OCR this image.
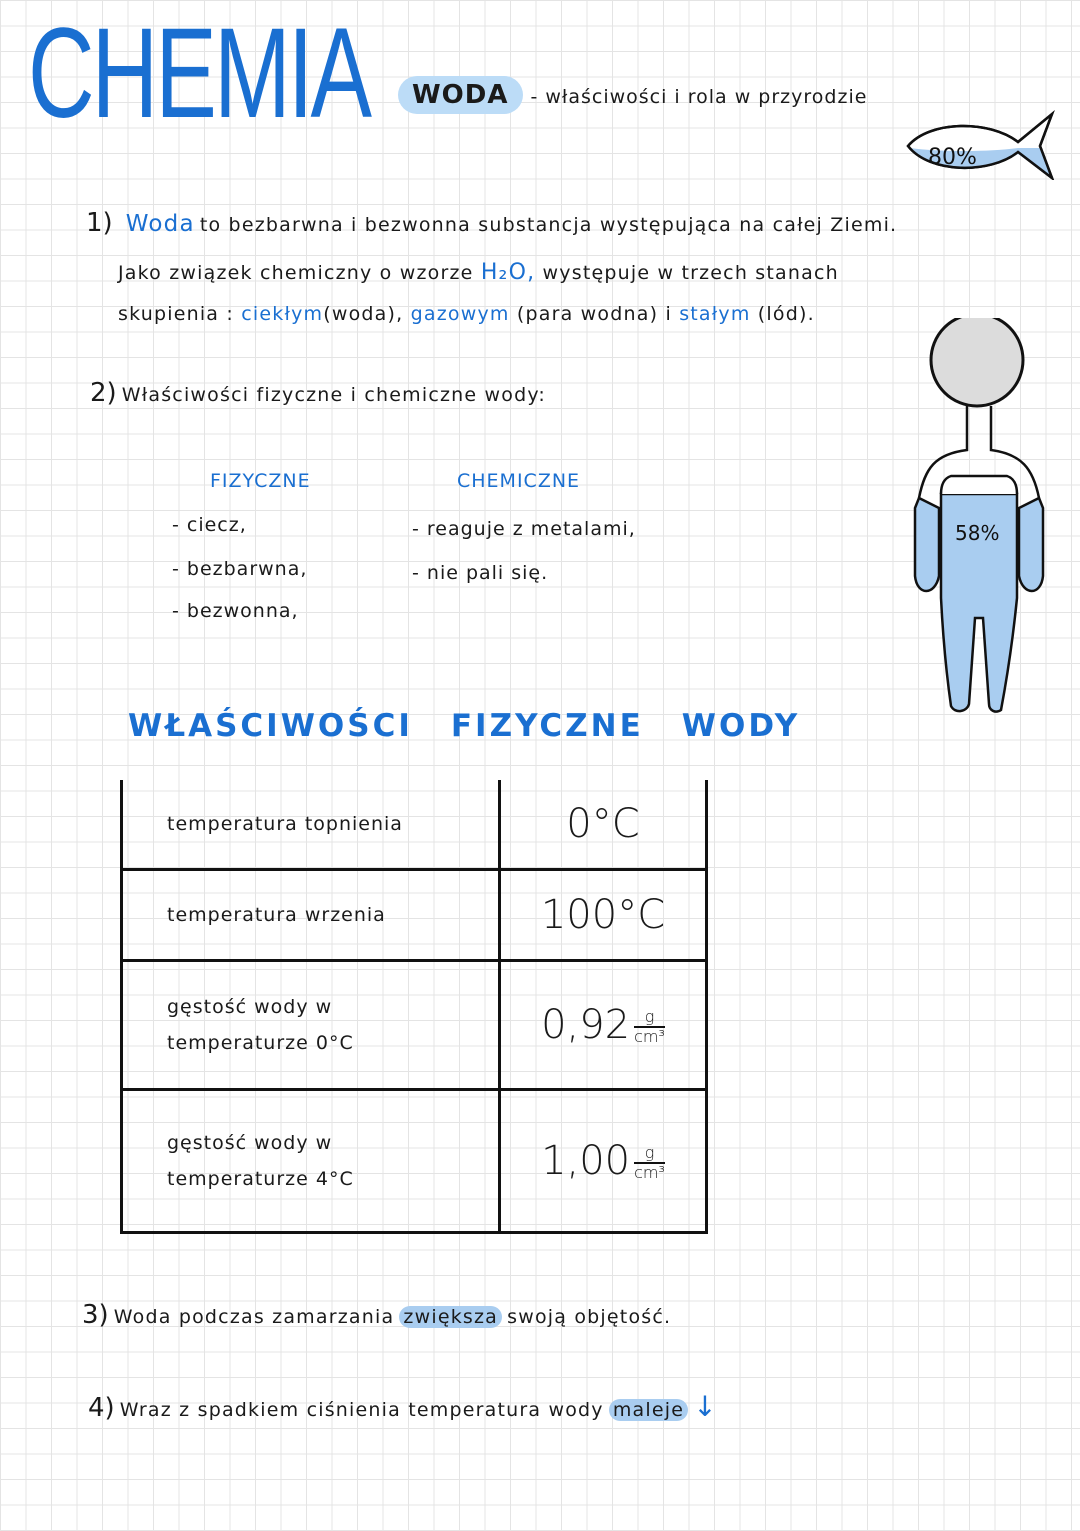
CHEMIA	WODA - właściwości i rola w przyrodzie
80%
58%
1) Woda to bezbarwna i bezwonna substancja występująca na całej Ziemi.
Jako związek chemiczny o wzorze H₂O, występuje w trzech stanach
skupienia : ciekłym(woda), gazowym (para wodna) i stałym (lód).
2) Właściwości fizyczne i chemiczne wody:
FIZYCZNE
- ciecz,
- bezbarwna,
- bezwonna,
CHEMICZNE
- reaguje z metalami,
- nie pali się.
WŁAŚCIWOŚCI FIZYCZNE WODY
temperatura topnienia	0°C
temperatura wrzenia	100°C
gęstość wody w
temperaturze 0°C	$0,92 \frac{g}{\text{cm³}}$
gęstość wody w
temperaturze 4°C	$1,00 \frac{g}{\text{cm³}}$
3) Woda podczas zamarzania zwiększa swoją objętość.
4) Wraz z spadkiem ciśnienia temperatura wody maleje ↓
